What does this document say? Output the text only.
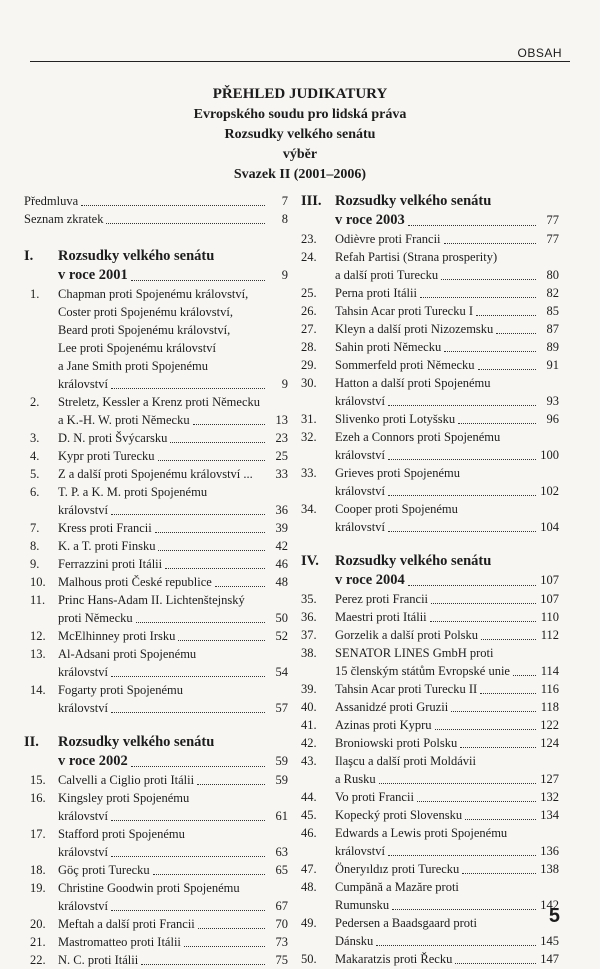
OBSAH
PŘEHLED JUDIKATURY
Evropského soudu pro lidská práva
Rozsudky velkého senátu
výběr
Svazek II (2001–2006)
Předmluva	7
Seznam zkratek	8
I.	Rozsudky velkého senátu
v roce 2001	9
1.	Chapman proti Spojenému království,
Coster proti Spojenému království,
Beard proti Spojenému království,
Lee proti Spojenému království
a Jane Smith proti Spojenému
království	9
2.	Streletz, Kessler a Krenz proti Německu
a K.-H. W. proti Německu	13
3.	D. N. proti Švýcarsku	23
4.	Kypr proti Turecku	25
5.	Z a další proti Spojenému království ...	33
6.	T. P. a K. M. proti Spojenému
království	36
7.	Kress proti Francii	39
8.	K. a T. proti Finsku	42
9.	Ferrazzini proti Itálii	46
10. Malhous proti České republice	48
11.	Princ Hans-Adam II. Lichtenštejnský
proti Německu	50
12. McElhinney proti Irsku	52
13. Al-Adsani proti Spojenému
království	54
14. Fogarty proti Spojenému
království	57
II.	Rozsudky velkého senátu
v roce 2002	59
15. Calvelli a Ciglio proti Itálii	59
16. Kingsley proti Spojenému
království	61
17. Stafford proti Spojenému
království	63
18. Göç proti Turecku	65
19. Christine Goodwin proti Spojenému
království	67
20. Meftah a další proti Francii	70
21. Mastromatteo proti Itálii	73
22. N. C. proti Itálii	75
III. Rozsudky velkého senátu
v roce 2003	77
23.	Odièvre proti Francii	77
24.	Refah Partisi (Strana prosperity)
a další proti Turecku	80
25.	Perna proti Itálii	82
26.	Tahsin Acar proti Turecku I	85
27.	Kleyn a další proti Nizozemsku	87
28.	Sahin proti Německu	89
29.	Sommerfeld proti Německu	91
30.	Hatton a další proti Spojenému
království	93
31.	Slivenko proti Lotyšsku	96
32.	Ezeh a Connors proti Spojenému
království	100
33.	Grieves proti Spojenému
království	102
34.	Cooper proti Spojenému
království	104
IV.	Rozsudky velkého senátu
v roce 2004	107
35.	Perez proti Francii	107
36.	Maestri proti Itálii	110
37.	Gorzelik a další proti Polsku	112
38.	SENATOR LINES GmbH proti
15 členským státům Evropské unie 114
39.	Tahsin Acar proti Turecku II	116
40.	Assanidzé proti Gruzii	118
41.	Azinas proti Kypru	122
42.	Broniowski proti Polsku	124
43.	Ilaşcu a další proti Moldávii
a Rusku	127
44.	Vo proti Francii	132
45.	Kopecký proti Slovensku	134
46.	Edwards a Lewis proti Spojenému
království	136
47.	Öneryıldız proti Turecku	138
48.	Cumpănă a Mazăre proti
Rumunsku	142
49.	Pedersen a Baadsgaard proti
Dánsku	145
50.	Makaratzis proti Řecku	147
5
